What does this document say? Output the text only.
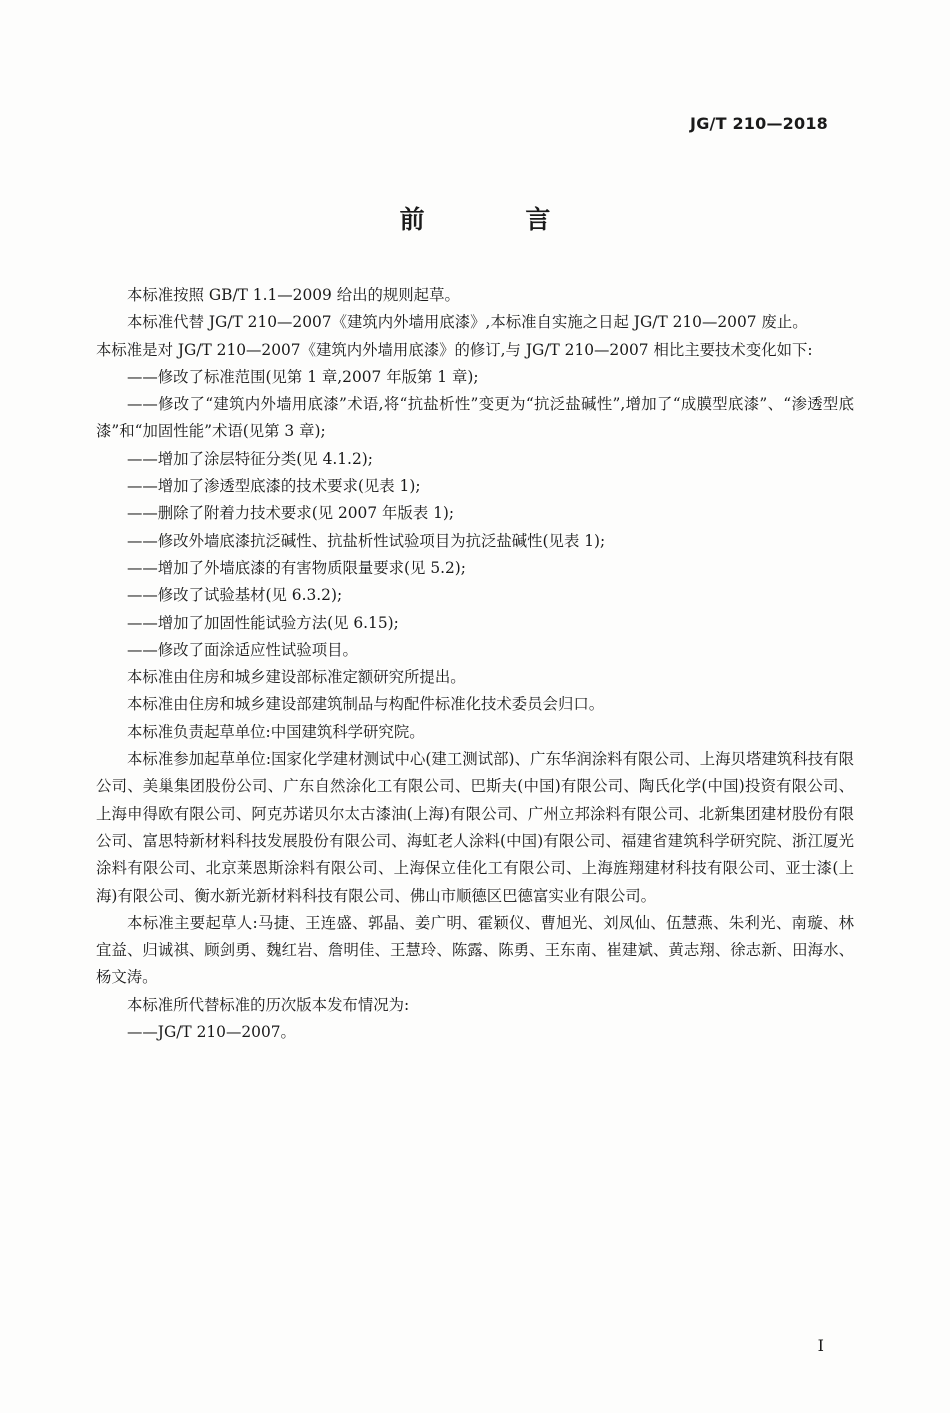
JG/T 210—2018
前 言

本标准按照 GB/T 1.1—2009 给出的规则起草。

本标准代替 JG/T 210—2007《建筑内外墙用底漆》,本标准自实施之日起 JG/T 210—2007 废止。

本标准是对 JG/T 210—2007《建筑内外墙用底漆》的修订,与 JG/T 210—2007 相比主要技术变化如下:

——修改了标准范围(见第 1 章,2007 年版第 1 章);

——修改了“建筑内外墙用底漆”术语,将“抗盐析性”变更为“抗泛盐碱性”,增加了“成膜型底漆”、“渗透型底漆”和“加固性能”术语(见第 3 章);

——增加了涂层特征分类(见 4.1.2);

——增加了渗透型底漆的技术要求(见表 1);

——删除了附着力技术要求(见 2007 年版表 1);

——修改外墙底漆抗泛碱性、抗盐析性试验项目为抗泛盐碱性(见表 1);

——增加了外墙底漆的有害物质限量要求(见 5.2);

——修改了试验基材(见 6.3.2);

——增加了加固性能试验方法(见 6.15);

——修改了面涂适应性试验项目。

本标准由住房和城乡建设部标准定额研究所提出。

本标准由住房和城乡建设部建筑制品与构配件标准化技术委员会归口。

本标准负责起草单位:中国建筑科学研究院。

本标准参加起草单位:国家化学建材测试中心(建工测试部)、广东华润涂料有限公司、上海贝塔建筑科技有限公司、美巢集团股份公司、广东自然涂化工有限公司、巴斯夫(中国)有限公司、陶氏化学(中国)投资有限公司、上海申得欧有限公司、阿克苏诺贝尔太古漆油(上海)有限公司、广州立邦涂料有限公司、北新集团建材股份有限公司、富思特新材料科技发展股份有限公司、海虹老人涂料(中国)有限公司、福建省建筑科学研究院、浙江厦光涂料有限公司、北京莱恩斯涂料有限公司、上海保立佳化工有限公司、上海旌翔建材科技有限公司、亚士漆(上海)有限公司、衡水新光新材料科技有限公司、佛山市顺德区巴德富实业有限公司。

本标准主要起草人:马捷、王连盛、郭晶、姜广明、霍颖仪、曹旭光、刘凤仙、伍慧燕、朱利光、南璇、林宜益、归诚祺、顾剑勇、魏红岩、詹明佳、王慧玲、陈露、陈勇、王东南、崔建斌、黄志翔、徐志新、田海水、杨文涛。

本标准所代替标准的历次版本发布情况为:

——JG/T 210—2007。

I
